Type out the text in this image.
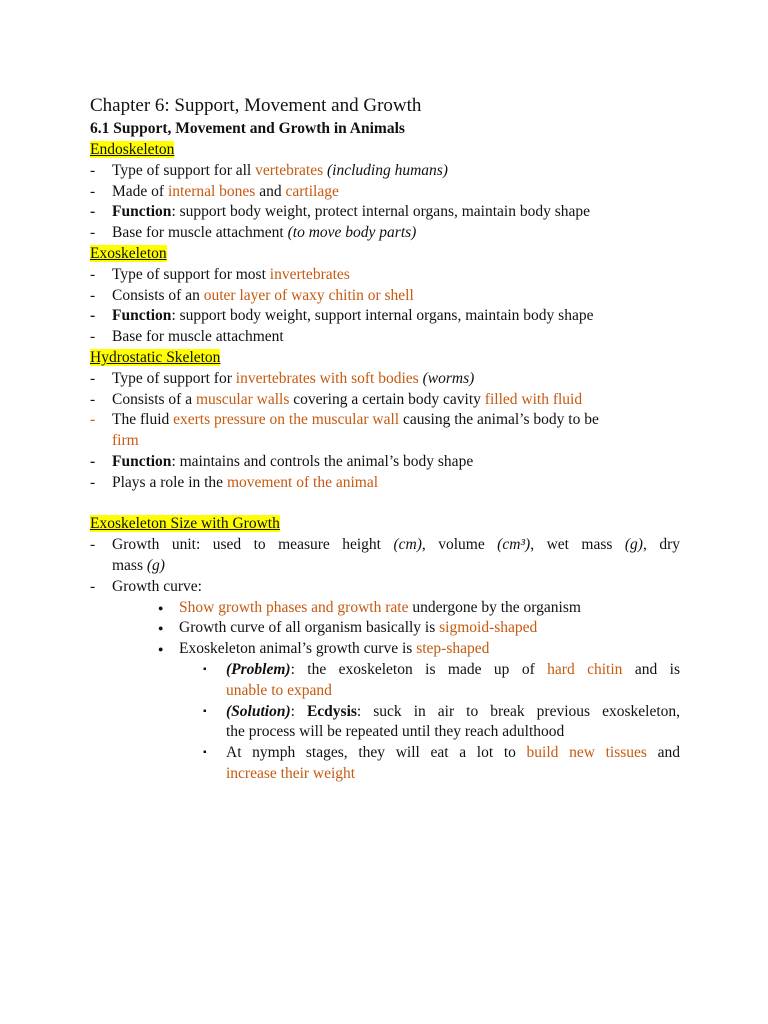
Chapter 6: Support, Movement and Growth
6.1 Support, Movement and Growth in Animals
Endoskeleton
- Type of support for all vertebrates (including humans)
- Made of internal bones and cartilage
- Function: support body weight, protect internal organs, maintain body shape
- Base for muscle attachment (to move body parts)
Exoskeleton
- Type of support for most invertebrates
- Consists of an outer layer of waxy chitin or shell
- Function: support body weight, support internal organs, maintain body shape
- Base for muscle attachment
Hydrostatic Skeleton
- Type of support for invertebrates with soft bodies (worms)
- Consists of a muscular walls covering a certain body cavity filled with fluid
- The fluid exerts pressure on the muscular wall causing the animal’s body to be
firm
- Function: maintains and controls the animal’s body shape
- Plays a role in the movement of the animal
Exoskeleton Size with Growth
- Growth unit: used to measure height (cm), volume (cm³), wet mass (g), dry
mass (g)
- Growth curve:
● Show growth phases and growth rate undergone by the organism
● Growth curve of all organism basically is sigmoid-shaped
● Exoskeleton animal’s growth curve is step-shaped
▪ (Problem): the exoskeleton is made up of hard chitin and is
unable to expand
▪ (Solution): Ecdysis: suck in air to break previous exoskeleton,
the process will be repeated until they reach adulthood
▪ At nymph stages, they will eat a lot to build new tissues and
increase their weight
